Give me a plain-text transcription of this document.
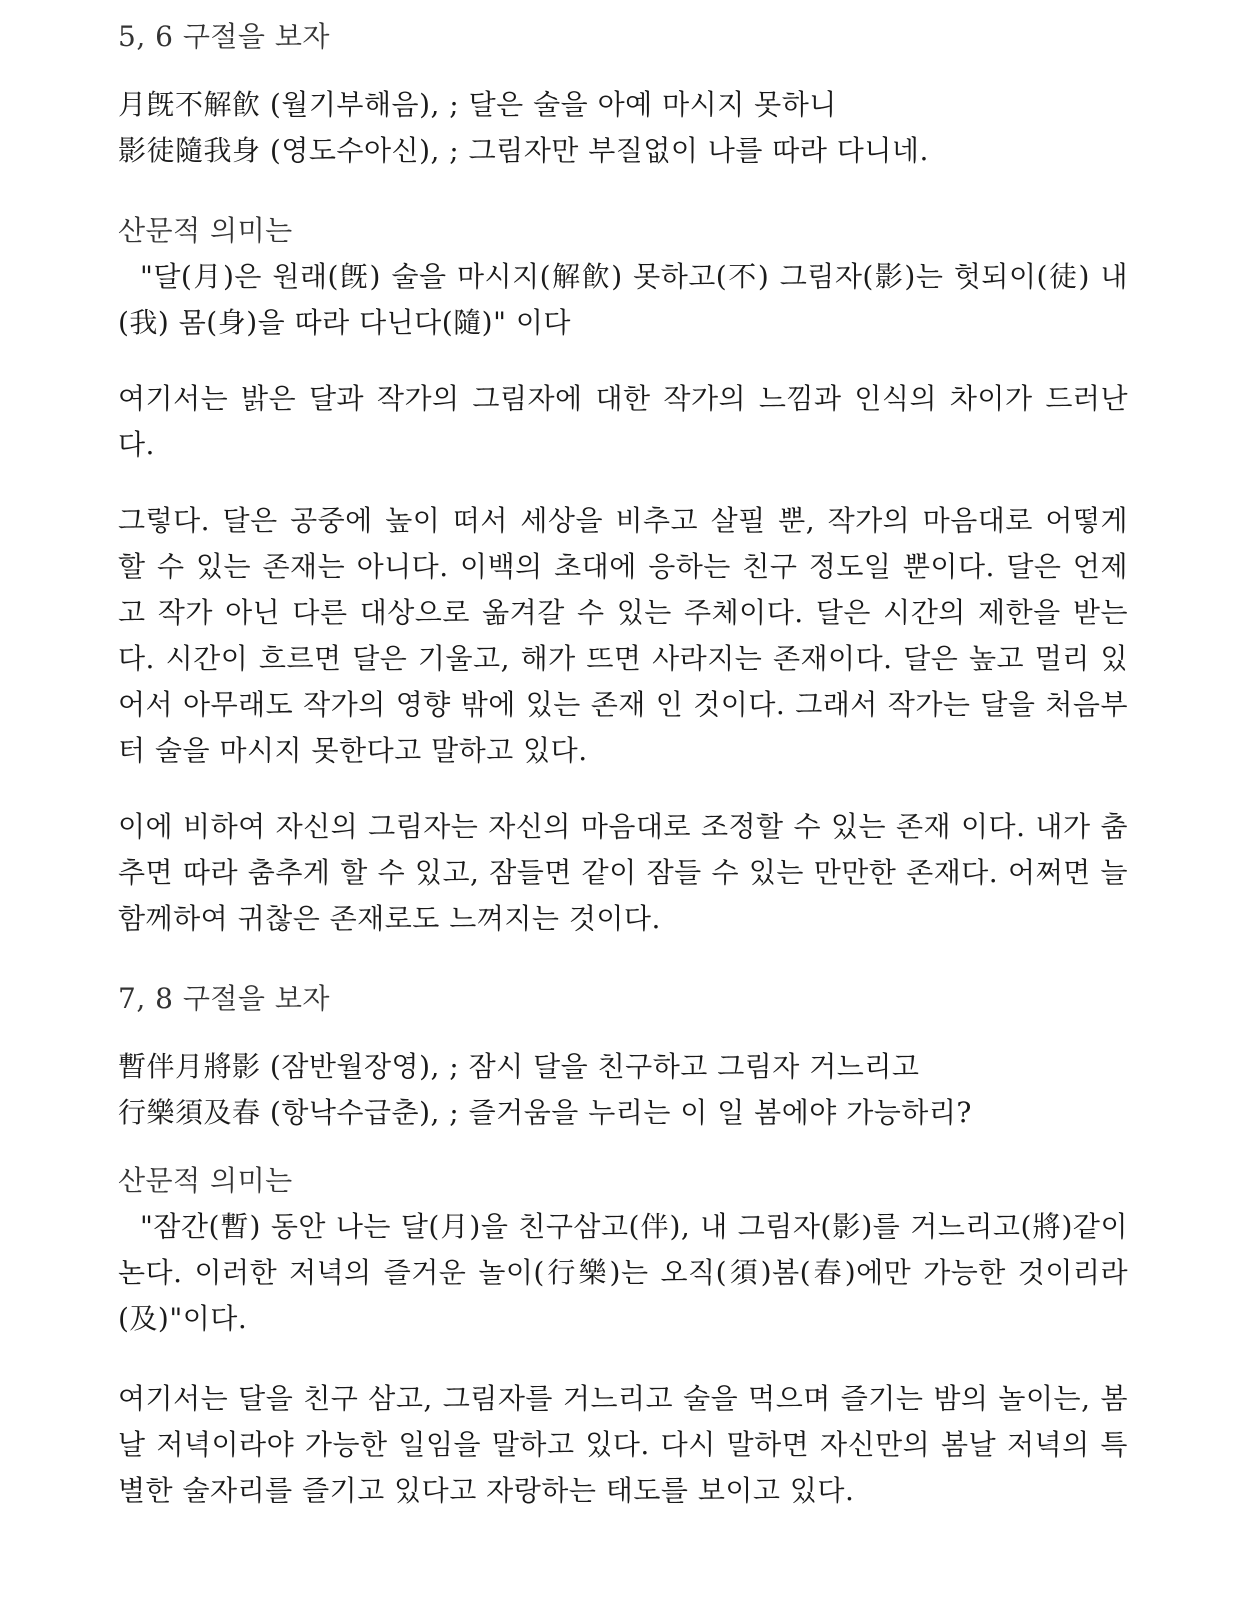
5, 6 구절을 보자

月旣不解飮 (월기부해음), ; 달은 술을 아예 마시지 못하니

影徒隨我身 (영도수아신), ; 그림자만 부질없이 나를 따라 다니네.

산문적 의미는

"달(月)은 원래(旣) 술을 마시지(解飮) 못하고(不) 그림자(影)는 헛되이(徒) 내(我) 몸(身)을 따라 다닌다(隨)" 이다

여기서는 밝은 달과 작가의 그림자에 대한 작가의 느낌과 인식의 차이가 드러난다.

그렇다. 달은 공중에 높이 떠서 세상을 비추고 살필 뿐, 작가의 마음대로 어떻게 할 수 있는 존재는 아니다. 이백의 초대에 응하는 친구 정도일 뿐이다. 달은 언제고 작가 아닌 다른 대상으로 옮겨갈 수 있는 주체이다. 달은 시간의 제한을 받는다. 시간이 흐르면 달은 기울고, 해가 뜨면 사라지는 존재이다. 달은 높고 멀리 있어서 아무래도 작가의 영향 밖에 있는 존재 인 것이다. 그래서 작가는 달을 처음부터 술을 마시지 못한다고 말하고 있다.

이에 비하여 자신의 그림자는 자신의 마음대로 조정할 수 있는 존재 이다. 내가 춤추면 따라 춤추게 할 수 있고, 잠들면 같이 잠들 수 있는 만만한 존재다. 어쩌면 늘 함께하여 귀찮은 존재로도 느껴지는 것이다.

7, 8 구절을 보자

暫伴月將影 (잠반월장영), ; 잠시 달을 친구하고 그림자 거느리고

行樂須及春 (항낙수급춘), ; 즐거움을 누리는 이 일 봄에야 가능하리?

산문적 의미는

"잠간(暫) 동안 나는 달(月)을 친구삼고(伴), 내 그림자(影)를 거느리고(將)같이 논다. 이러한 저녁의 즐거운 놀이(行樂)는 오직(須)봄(春)에만 가능한 것이리라(及)"이다.

여기서는 달을 친구 삼고, 그림자를 거느리고 술을 먹으며 즐기는 밤의 놀이는, 봄날 저녁이라야 가능한 일임을 말하고 있다. 다시 말하면 자신만의 봄날 저녁의 특별한 술자리를 즐기고 있다고 자랑하는 태도를 보이고 있다.
